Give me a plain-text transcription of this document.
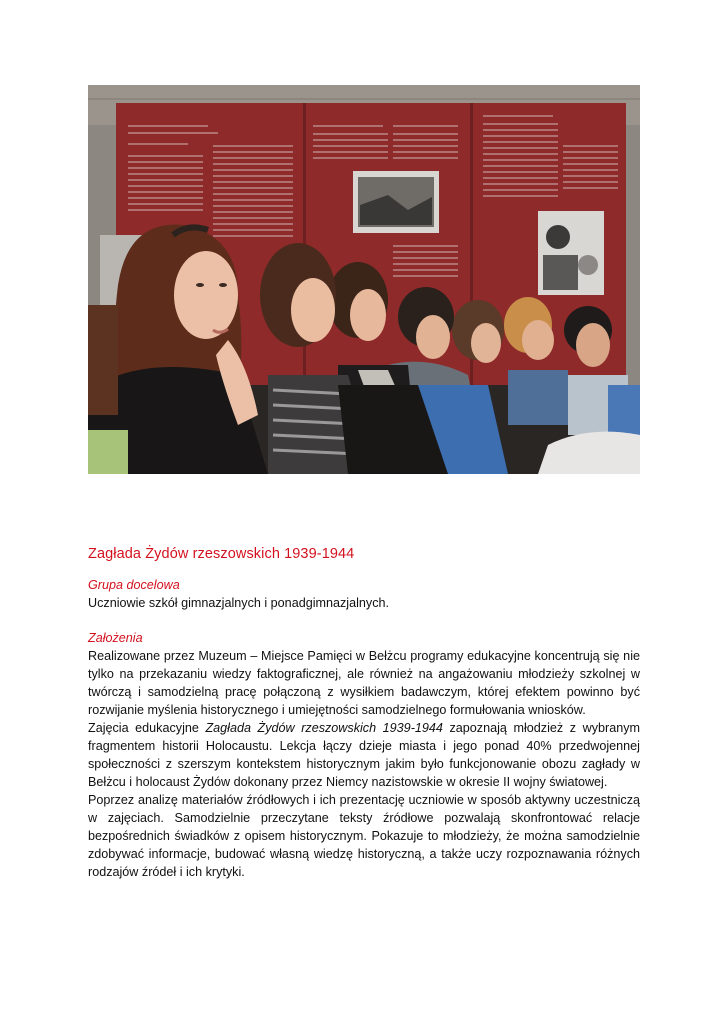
Zagłada Żydów rzeszowskich 1939-1944

Grupa docelowa

Uczniowie szkół gimnazjalnych i ponadgimnazjalnych.

Założenia

Realizowane przez Muzeum – Miejsce Pamięci w Bełżcu programy edukacyjne koncentrują się nie tylko na przekazaniu wiedzy faktograficznej, ale również na angażowaniu młodzieży szkolnej w twórczą i samodzielną pracę połączoną z wysiłkiem badawczym, której efektem powinno być rozwijanie myślenia historycznego i umiejętności samodzielnego formułowania wniosków.

Zajęcia edukacyjne Zagłada Żydów rzeszowskich 1939-1944 zapoznają młodzież z wybranym fragmentem historii Holocaustu. Lekcja łączy dzieje miasta i jego ponad 40% przedwojennej społeczności z szerszym kontekstem historycznym jakim było funkcjonowanie obozu zagłady w Bełżcu i holocaust Żydów dokonany przez Niemcy nazistowskie w okresie II wojny światowej.

Poprzez analizę materiałów źródłowych i ich prezentację uczniowie w sposób aktywny uczestniczą w zajęciach. Samodzielnie przeczytane teksty źródłowe pozwalają skonfrontować relacje bezpośrednich świadków z opisem historycznym. Pokazuje to młodzieży, że można samodzielnie zdobywać informacje, budować własną wiedzę historyczną, a także uczy rozpoznawania różnych rodzajów źródeł i ich krytyki.
